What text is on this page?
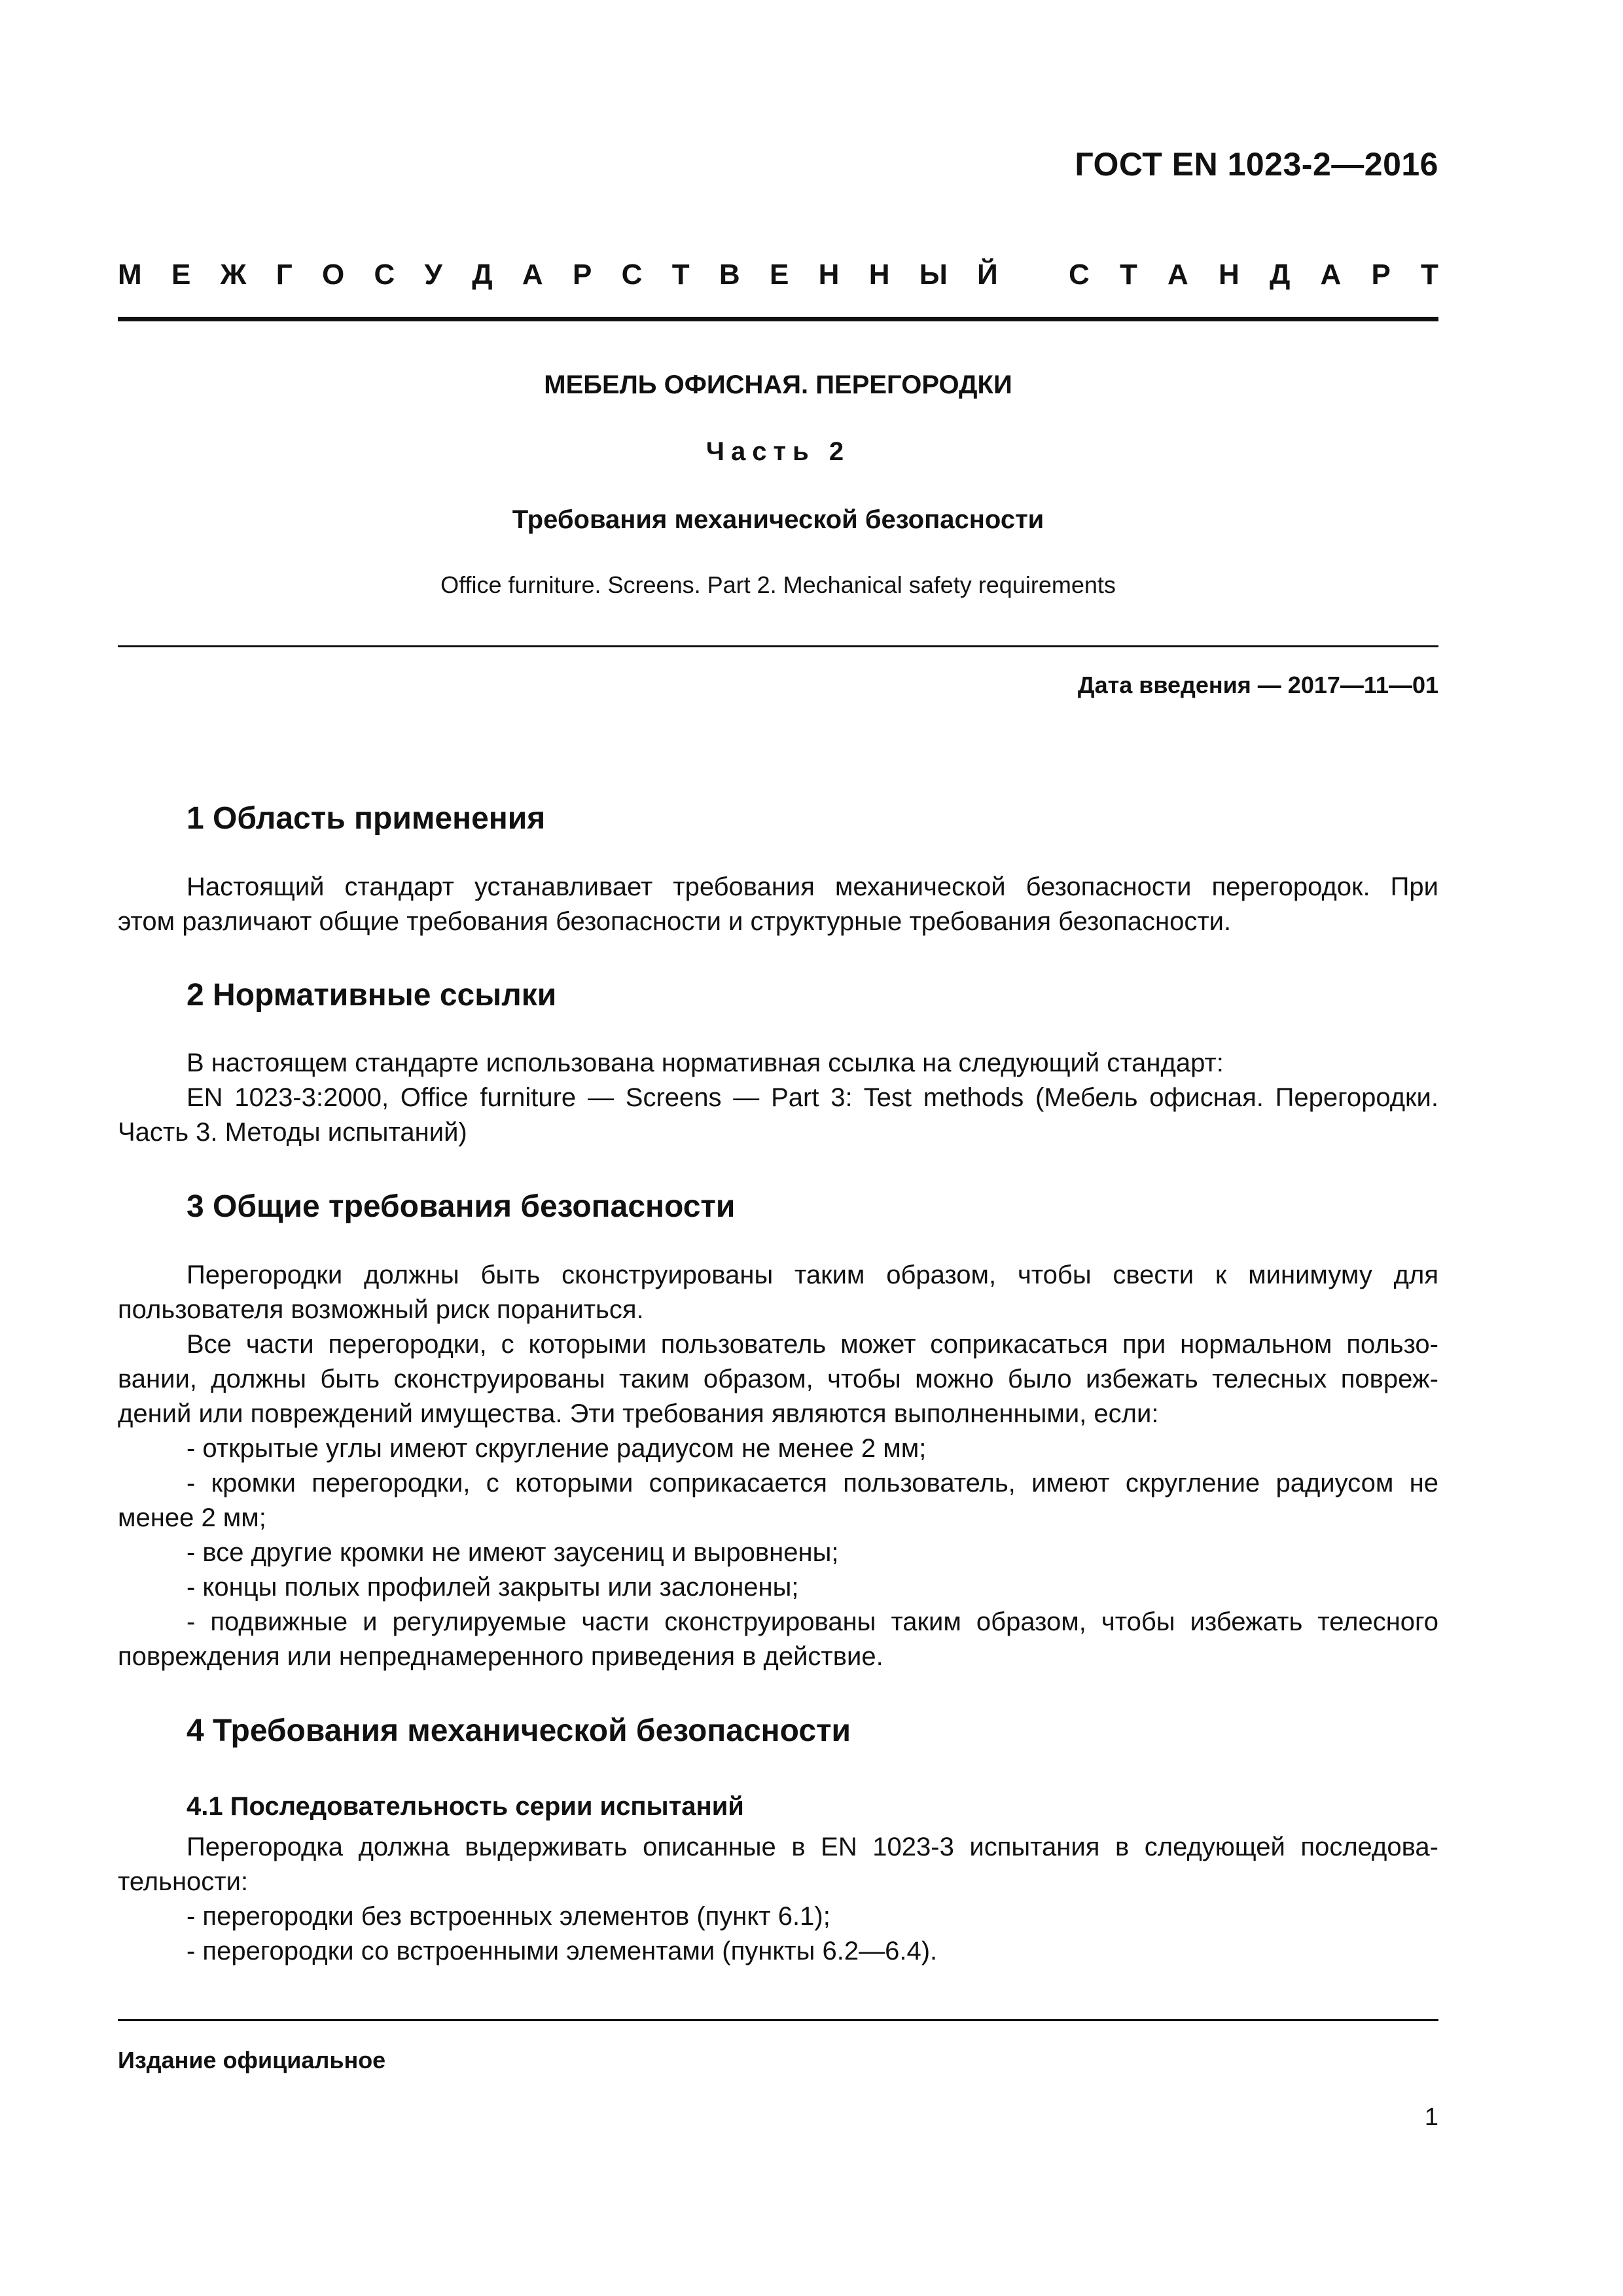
ГОСТ EN 1023-2—2016
М Е Ж Г О С У Д А Р С Т В Е Н Н Ы Й С Т А Н Д А Р Т
МЕБЕЛЬ ОФИСНАЯ. ПЕРЕГОРОДКИ
Часть 2
Требования механической безопасности
Office furniture. Screens. Part 2. Mechanical safety requirements
Дата введения — 2017—11—01
1 Область применения
Настоящий стандарт устанавливает требования механической безопасности перегородок. При
этом различают общие требования безопасности и структурные требования безопасности.
2 Нормативные ссылки
В настоящем стандарте использована нормативная ссылка на следующий стандарт:
EN 1023-3:2000, Office furniture — Screens — Part 3: Test methods (Мебель офисная. Перегородки.
Часть 3. Методы испытаний)
3 Общие требования безопасности
Перегородки должны быть сконструированы таким образом, чтобы свести к минимуму для
пользователя возможный риск пораниться.
Все части перегородки, с которыми пользователь может соприкасаться при нормальном пользо-
вании, должны быть сконструированы таким образом, чтобы можно было избежать телесных повреж-
дений или повреждений имущества. Эти требования являются выполненными, если:
- открытые углы имеют скругление радиусом не менее 2 мм;
- кромки перегородки, с которыми соприкасается пользователь, имеют скругление радиусом не
менее 2 мм;
- все другие кромки не имеют заусениц и выровнены;
- концы полых профилей закрыты или заслонены;
- подвижные и регулируемые части сконструированы таким образом, чтобы избежать телесного
повреждения или непреднамеренного приведения в действие.
4 Требования механической безопасности
4.1 Последовательность серии испытаний
Перегородка должна выдерживать описанные в EN 1023-3 испытания в следующей последова-
тельности:
- перегородки без встроенных элементов (пункт 6.1);
- перегородки со встроенными элементами (пункты 6.2—6.4).
Издание официальное
1
